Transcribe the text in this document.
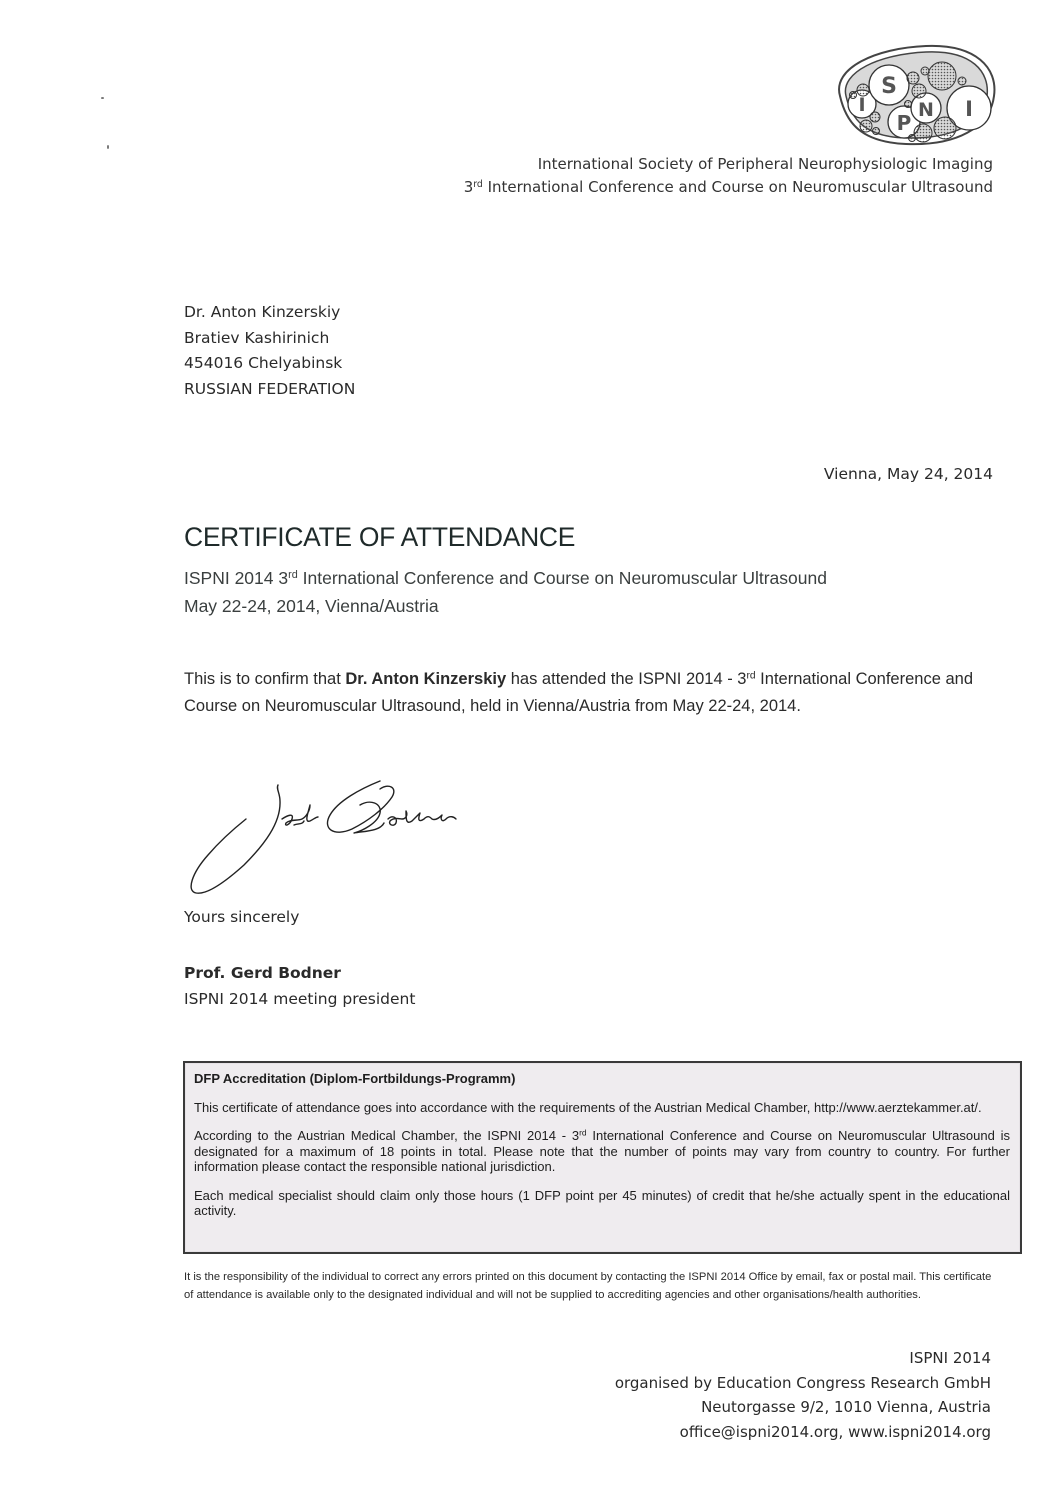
I
S
P
N I
International Society of Peripheral Neurophysiologic Imaging
3rd International Conference and Course on Neuromuscular Ultrasound
Dr. Anton Kinzerskiy
Bratiev Kashirinich
454016 Chelyabinsk
RUSSIAN FEDERATION
Vienna, May 24, 2014
CERTIFICATE OF ATTENDANCE
ISPNI 2014 3rd International Conference and Course on Neuromuscular Ultrasound
May 22-24, 2014, Vienna/Austria
This is to confirm that Dr. Anton Kinzerskiy has attended the ISPNI 2014 - 3rd International Conference and Course on Neuromuscular Ultrasound, held in Vienna/Austria from May 22-24, 2014.
Yours sincerely
Prof. Gerd Bodner
ISPNI 2014 meeting president
DFP Accreditation (Diplom-Fortbildungs-Programm)
This certificate of attendance goes into accordance with the requirements of the Austrian Medical Chamber, http://www.aerztekammer.at/.
According to the Austrian Medical Chamber, the ISPNI 2014 - 3rd International Conference and Course on Neuromuscular Ultrasound is designated for a maximum of 18 points in total. Please note that the number of points may vary from country to country. For further information please contact the responsible national jurisdiction.
Each medical specialist should claim only those hours (1 DFP point per 45 minutes) of credit that he/she actually spent in the educational activity.
It is the responsibility of the individual to correct any errors printed on this document by contacting the ISPNI 2014 Office by email, fax or postal mail. This certificate of attendance is available only to the designated individual and will not be supplied to accrediting agencies and other organisations/health authorities.
ISPNI 2014
organised by Education Congress Research GmbH
Neutorgasse 9/2, 1010 Vienna, Austria
office@ispni2014.org, www.ispni2014.org
